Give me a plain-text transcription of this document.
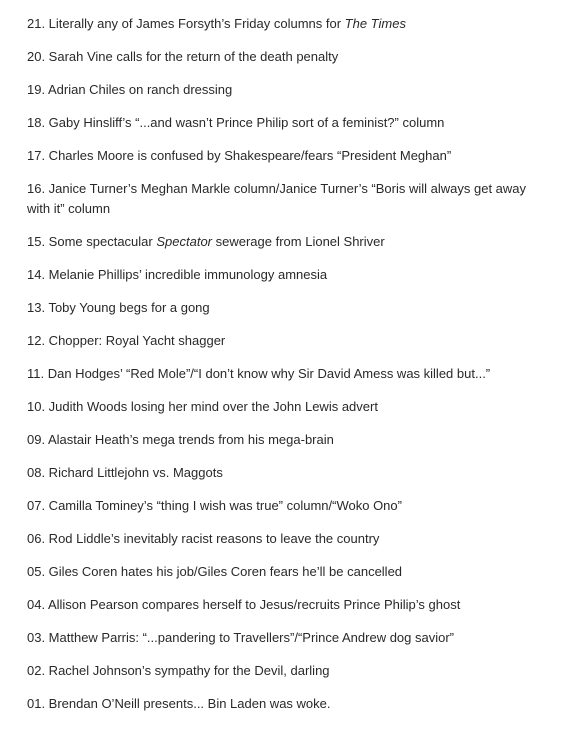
21. Literally any of James Forsyth’s Friday columns for The Times

20. Sarah Vine calls for the return of the death penalty

19. Adrian Chiles on ranch dressing

18. Gaby Hinsliff’s “...and wasn’t Prince Philip sort of a feminist?” column

17. Charles Moore is confused by Shakespeare/fears “President Meghan”

16. Janice Turner’s Meghan Markle column/Janice Turner’s “Boris will always get away with it” column

15. Some spectacular Spectator sewerage from Lionel Shriver

14. Melanie Phillips’ incredible immunology amnesia

13. Toby Young begs for a gong

12. Chopper: Royal Yacht shagger

11. Dan Hodges’ “Red Mole”/“I don’t know why Sir David Amess was killed but...”

10. Judith Woods losing her mind over the John Lewis advert

09. Alastair Heath’s mega trends from his mega-brain

08. Richard Littlejohn vs. Maggots

07. Camilla Tominey’s “thing I wish was true” column/“Woko Ono”

06. Rod Liddle’s inevitably racist reasons to leave the country

05. Giles Coren hates his job/Giles Coren fears he’ll be cancelled

04. Allison Pearson compares herself to Jesus/recruits Prince Philip’s ghost

03. Matthew Parris: “...pandering to Travellers”/“Prince Andrew dog savior”

02. Rachel Johnson’s sympathy for the Devil, darling

01. Brendan O’Neill presents... Bin Laden was woke.
